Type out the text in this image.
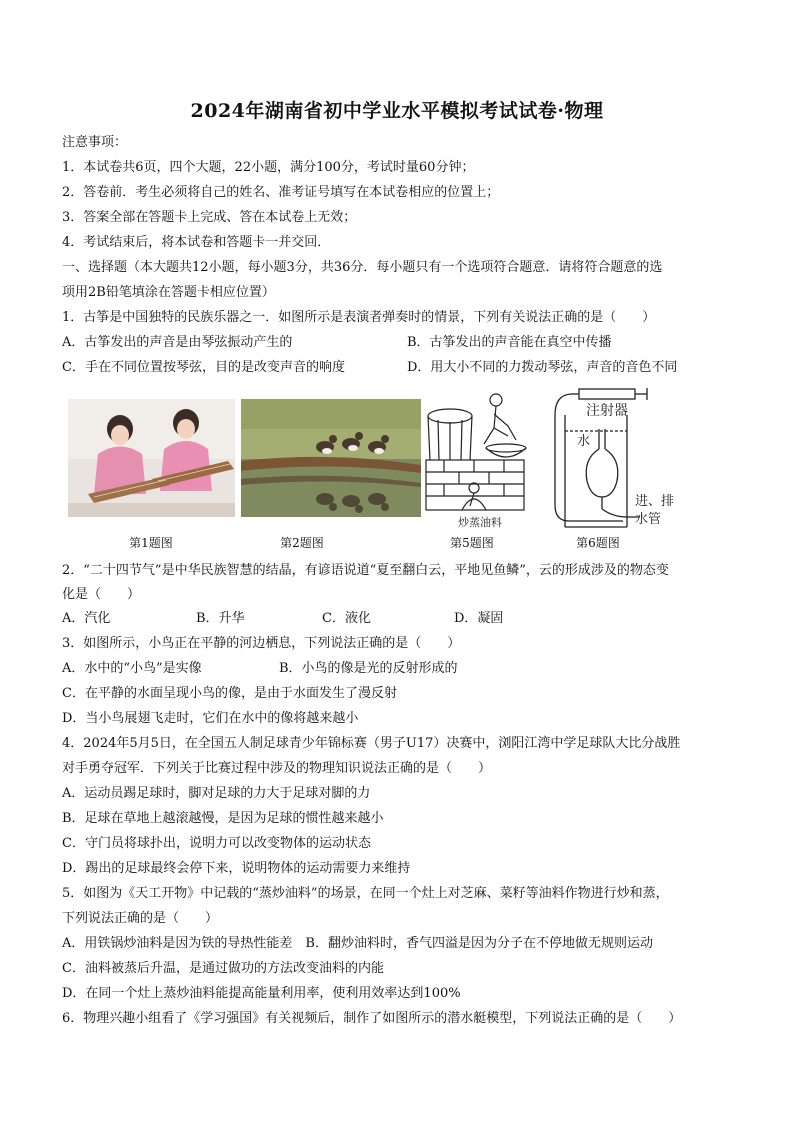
2024年湖南省初中学业水平模拟考试试卷·物理
注意事项：
1．本试卷共6页，四个大题，22小题，满分100分，考试时量60分钟；
2．答卷前．考生必须将自己的姓名、准考证号填写在本试卷相应的位置上；
3．答案全部在答题卡上完成、答在本试卷上无效；
4．考试结束后，将本试卷和答题卡一并交回．
一、选择题（本大题共12小题，每小题3分，共36分．每小题只有一个选项符合题意．请将符合题意的选
项用2B铅笔填涂在答题卡相应位置）
1．古筝是中国独特的民族乐器之一．如图所示是表演者弹奏时的情景，下列有关说法正确的是（　　）
A．古筝发出的声音是由琴弦振动产生的	B．古筝发出的声音能在真空中传播
C．手在不同位置按琴弦，目的是改变声音的响度	D．用大小不同的力拨动琴弦，声音的音色不同
炒蒸油料
注射器
水
进、排
水管
第1题图	第2题图	第5题图	第6题图
2．“二十四节气”是中华民族智慧的结晶，有谚语说道“夏至翻白云，平地见鱼鳞”，云的形成涉及的物态变
化是（　　）
A．汽化	B．升华	C．液化	D．凝固
3．如图所示，小鸟正在平静的河边栖息，下列说法正确的是（　　）
A．水中的“小鸟”是实像	B．小鸟的像是光的反射形成的
C．在平静的水面呈现小鸟的像，是由于水面发生了漫反射
D．当小鸟展翅飞走时，它们在水中的像将越来越小
4．2024年5月5日，在全国五人制足球青少年锦标赛（男子U17）决赛中，浏阳江湾中学足球队大比分战胜
对手勇夺冠军．下列关于比赛过程中涉及的物理知识说法正确的是（　　）
A．运动员踢足球时，脚对足球的力大于足球对脚的力
B．足球在草地上越滚越慢，是因为足球的惯性越来越小
C．守门员将球扑出，说明力可以改变物体的运动状态
D．踢出的足球最终会停下来，说明物体的运动需要力来维持
5．如图为《天工开物》中记载的“蒸炒油料”的场景，在同一个灶上对芝麻、菜籽等油料作物进行炒和蒸，
下列说法正确的是（　　）
A．用铁锅炒油料是因为铁的导热性能差　B．翻炒油料时，香气四溢是因为分子在不停地做无规则运动
C．油料被蒸后升温，是通过做功的方法改变油料的内能
D．在同一个灶上蒸炒油料能提高能量利用率，使利用效率达到100%
6．物理兴趣小组看了《学习强国》有关视频后，制作了如图所示的潜水艇模型，下列说法正确的是（　　）
